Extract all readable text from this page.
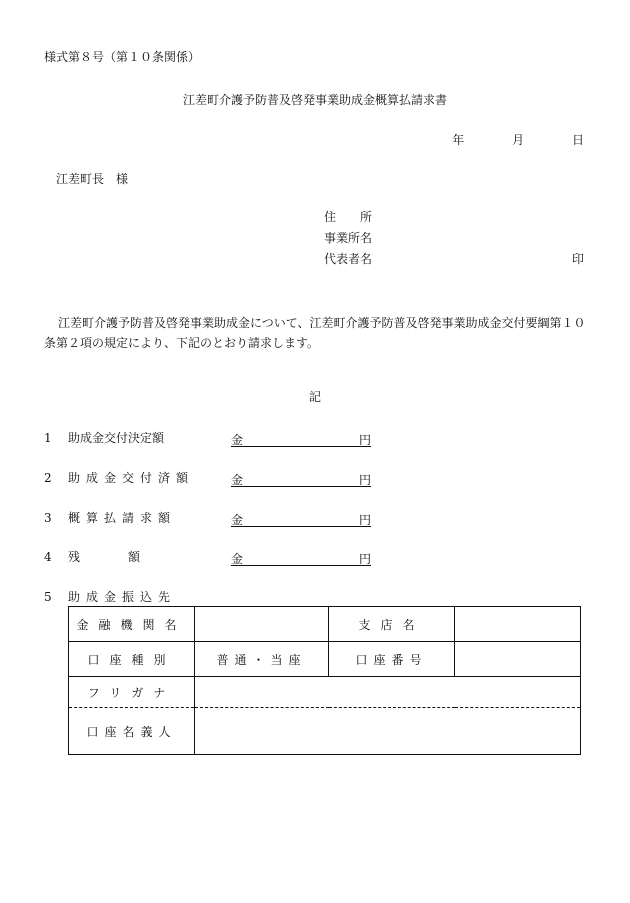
様式第８号（第１０条関係）
江差町介護予防普及啓発事業助成金概算払請求書
年	月	日
江差町長　様
住　　所
事業所名
代表者名	印
江差町介護予防普及啓発事業助成金について、江差町介護予防普及啓発事業助成金交付要綱第１０条第２項の規定により、下記のとおり請求します。
記
1 助成金交付決定額	金	円
2 助成金交付済額	金	円
3 概算払請求額	金	円
4 残　　　　額	金	円
5 助成金振込先
金融機関名		支店名	
口座種別	普通・当座	口座番号	
フリガナ			
口座名義人			
